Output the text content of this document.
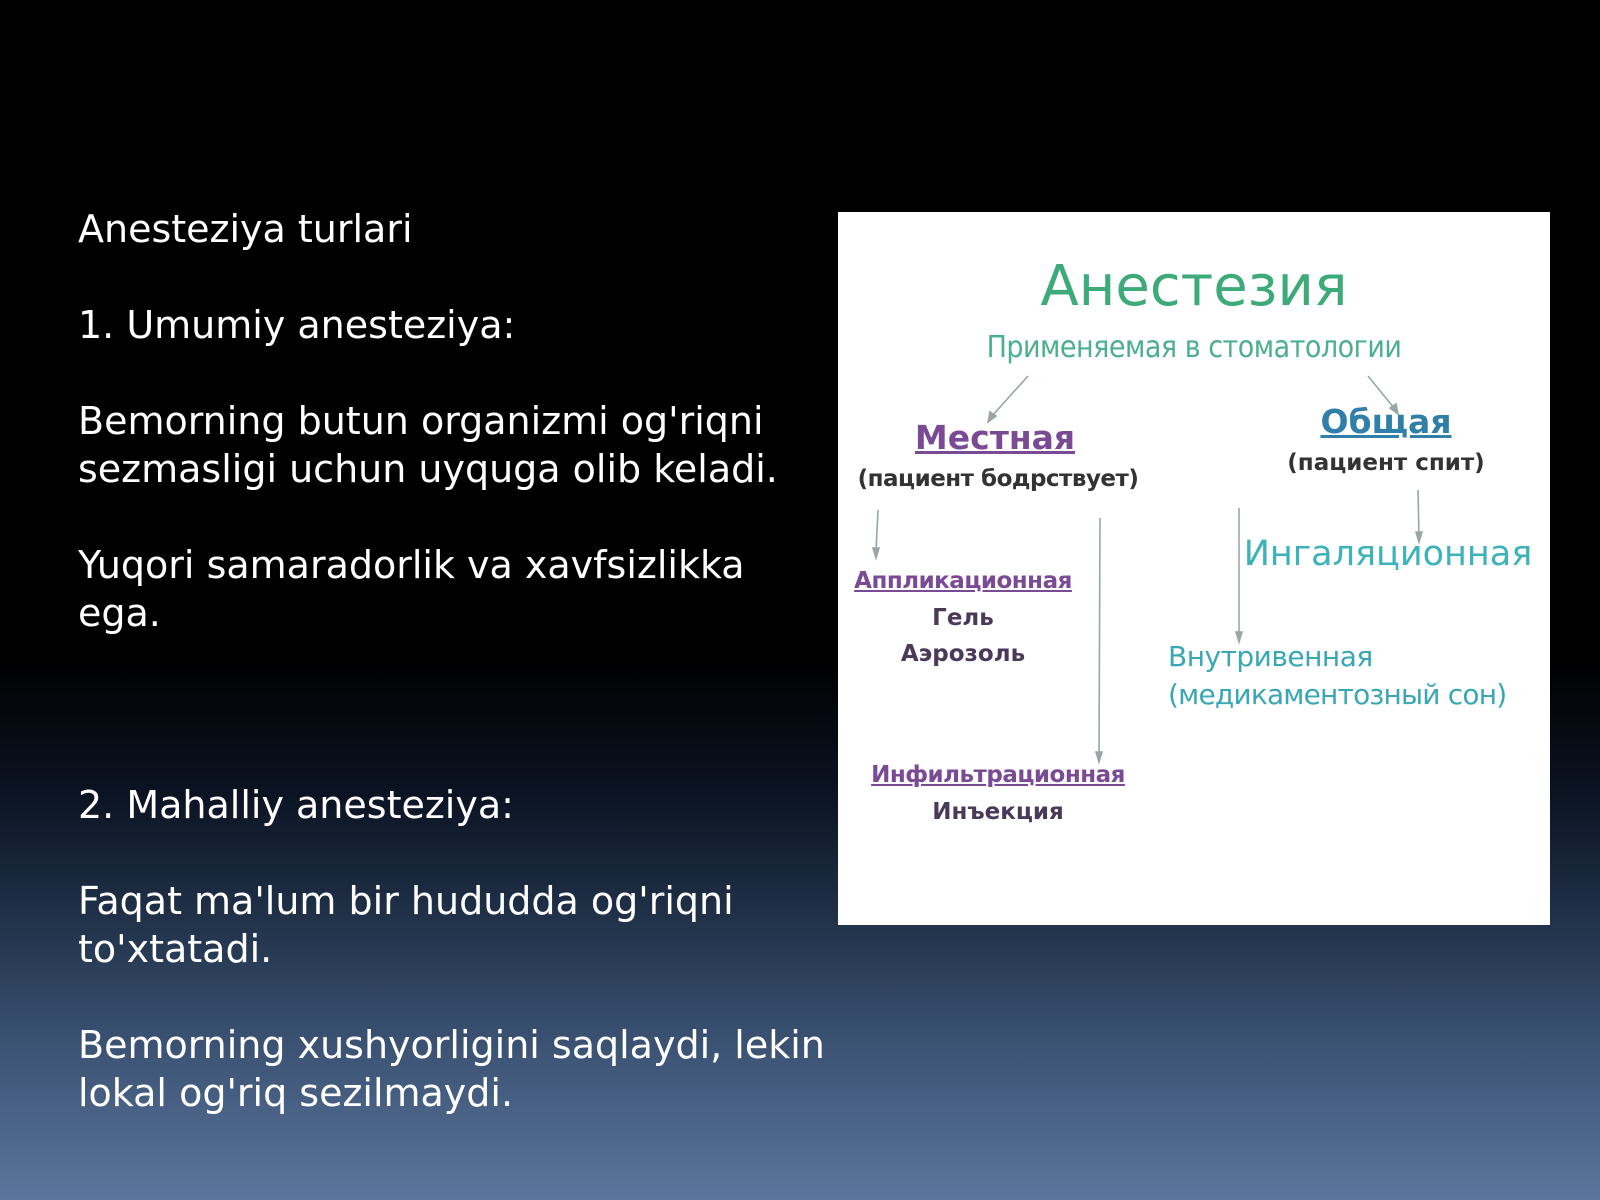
Anesteziya turlari

1. Umumiy anesteziya:

Bemorning butun organizmi og'riqni
sezmasligi uchun uyquga olib keladi.

Yuqori samaradorlik va xavfsizlikka ega.

2. Mahalliy anesteziya:

Faqat ma'lum bir hududda og'riqni
to'xtatadi.

Bemorning xushyorligini saqlaydi, lekin
lokal og'riq sezilmaydi.

Анестезия
Применяемая в стоматологии
Местная
(пациент бодрствует)
Общая
(пациент спит)
Аппликационная
Гель
Аэрозоль
Ингаляционная
Внутривенная
(медикаментозный сон)
Инфильтрационная
Инъекция
